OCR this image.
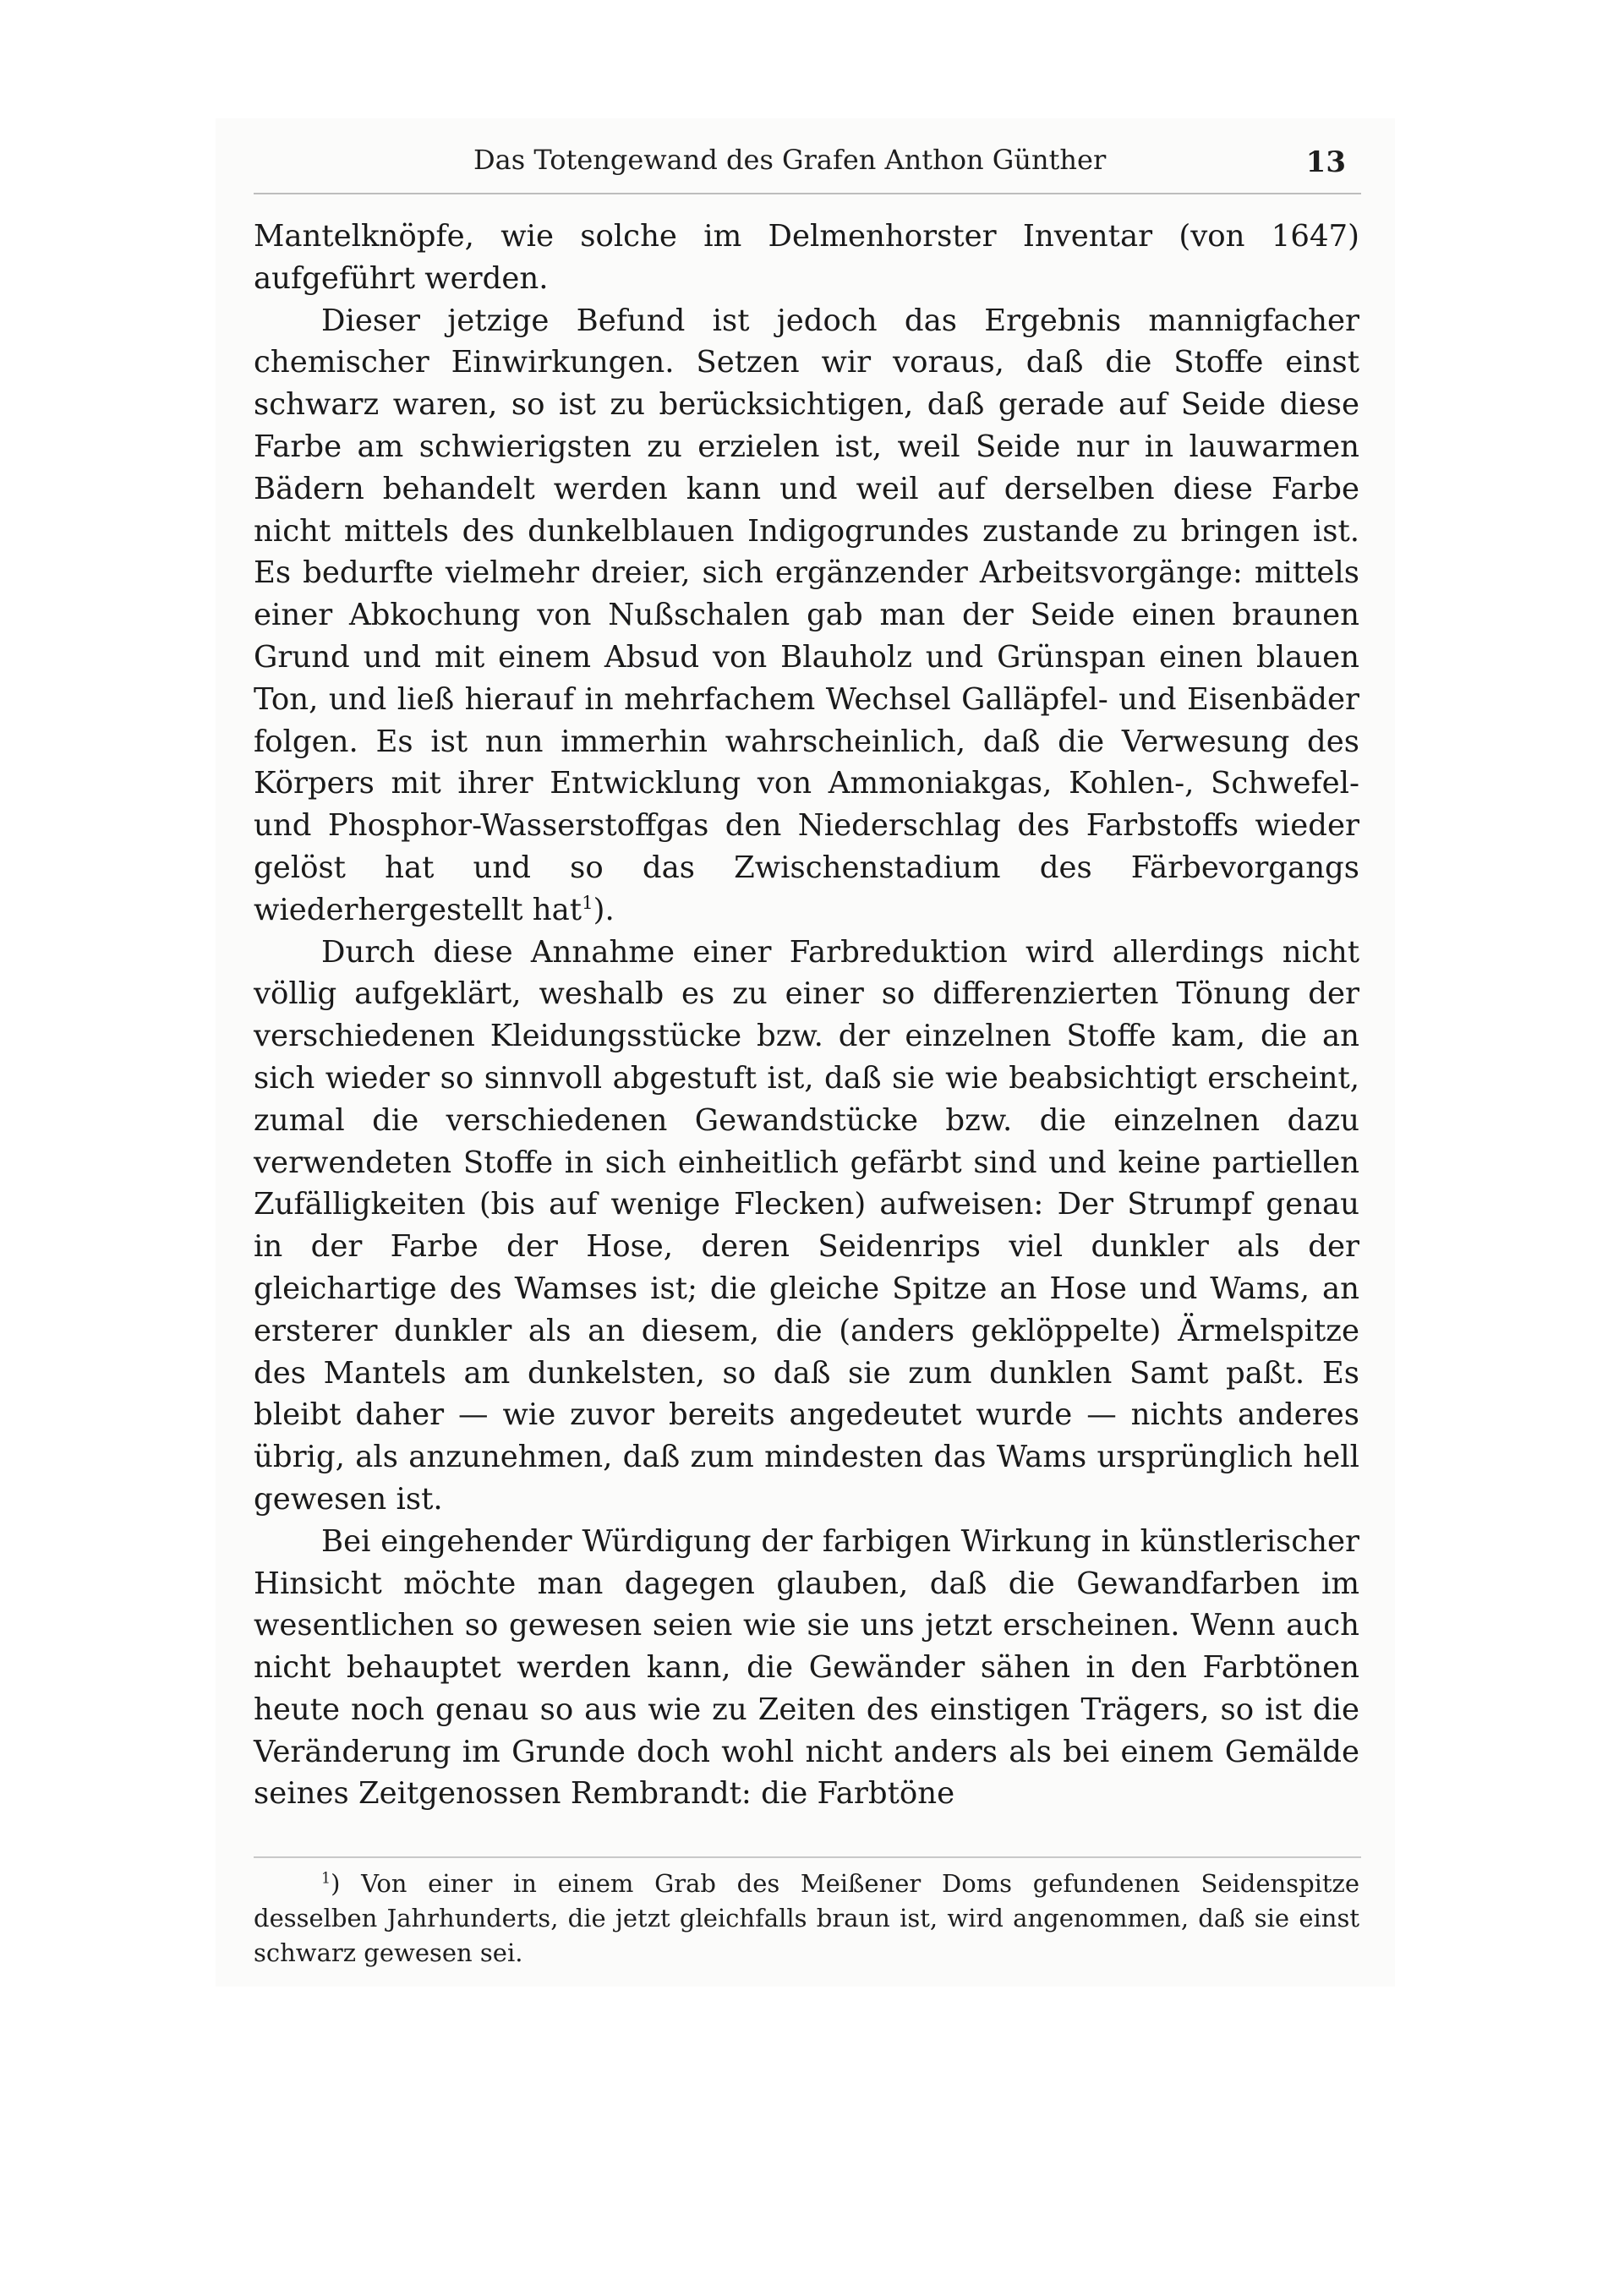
Das Totengewand des Grafen Anthon Günther	13

Mantelknöpfe, wie solche im Delmenhorster Inventar (von 1647) aufgeführt werden.

Dieser jetzige Befund ist jedoch das Ergebnis mannigfacher chemischer Einwirkungen. Setzen wir voraus, daß die Stoffe einst schwarz waren, so ist zu berücksichtigen, daß gerade auf Seide diese Farbe am schwierigsten zu erzielen ist, weil Seide nur in lauwarmen Bädern behandelt werden kann und weil auf derselben diese Farbe nicht mittels des dunkelblauen Indigogrundes zustande zu bringen ist. Es bedurfte vielmehr dreier, sich ergänzender Arbeitsvorgänge: mittels einer Abkochung von Nußschalen gab man der Seide einen braunen Grund und mit einem Absud von Blauholz und Grünspan einen blauen Ton, und ließ hierauf in mehrfachem Wechsel Galläpfel- und Eisenbäder folgen. Es ist nun immerhin wahrscheinlich, daß die Verwesung des Körpers mit ihrer Entwicklung von Ammoniakgas, Kohlen-, Schwefel- und Phosphor-Wasserstoffgas den Niederschlag des Farbstoffs wieder gelöst hat und so das Zwischenstadium des Färbevorgangs wiederhergestellt hat$^1$).

Durch diese Annahme einer Farbreduktion wird allerdings nicht völlig aufgeklärt, weshalb es zu einer so differenzierten Tönung der verschiedenen Kleidungsstücke bzw. der einzelnen Stoffe kam, die an sich wieder so sinnvoll abgestuft ist, daß sie wie beabsichtigt erscheint, zumal die verschiedenen Gewandstücke bzw. die einzelnen dazu verwendeten Stoffe in sich einheitlich gefärbt sind und keine partiellen Zufälligkeiten (bis auf wenige Flecken) aufweisen: Der Strumpf genau in der Farbe der Hose, deren Seidenrips viel dunkler als der gleichartige des Wamses ist; die gleiche Spitze an Hose und Wams, an ersterer dunkler als an diesem, die (anders geklöppelte) Ärmelspitze des Mantels am dunkelsten, so daß sie zum dunklen Samt paßt. Es bleibt daher — wie zuvor bereits angedeutet wurde — nichts anderes übrig, als anzunehmen, daß zum mindesten das Wams ursprünglich hell gewesen ist.

Bei eingehender Würdigung der farbigen Wirkung in künstlerischer Hinsicht möchte man dagegen glauben, daß die Gewandfarben im wesentlichen so gewesen seien wie sie uns jetzt erscheinen. Wenn auch nicht behauptet werden kann, die Gewänder sähen in den Farbtönen heute noch genau so aus wie zu Zeiten des einstigen Trägers, so ist die Veränderung im Grunde doch wohl nicht anders als bei einem Gemälde seines Zeitgenossen Rembrandt: die Farbtöne

$^1$) Von einer in einem Grab des Meißener Doms gefundenen Seidenspitze desselben Jahrhunderts, die jetzt gleichfalls braun ist, wird angenommen, daß sie einst schwarz gewesen sei.
